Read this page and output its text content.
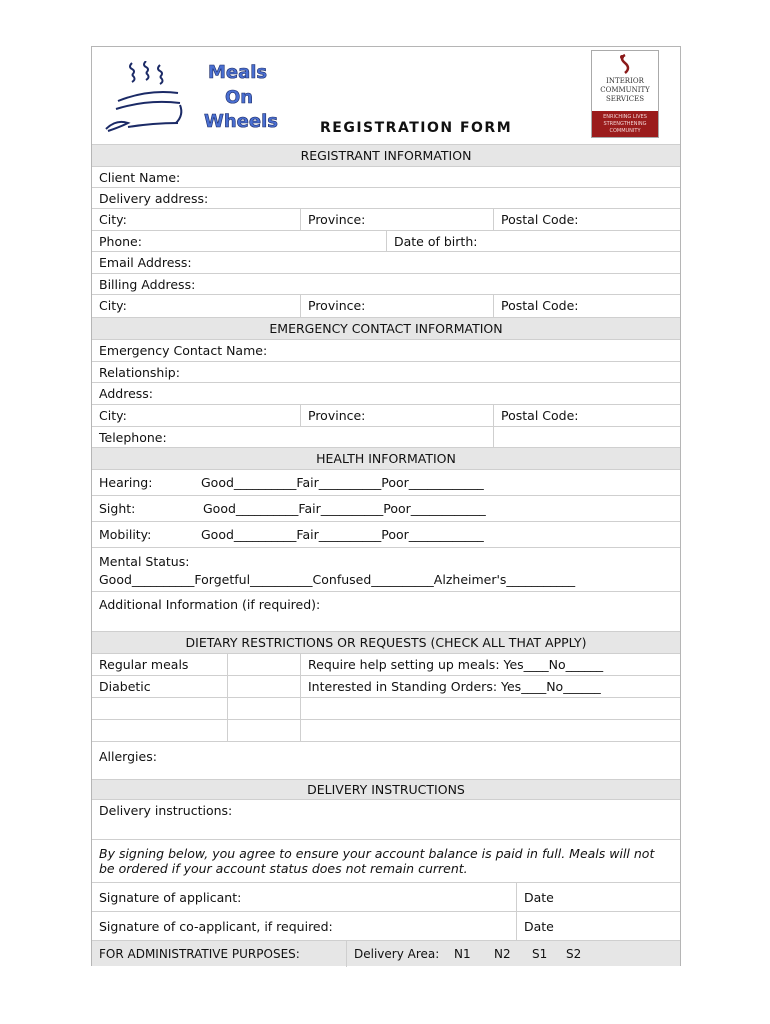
Meals
On
Wheels
INTERIOR
COMMUNITY
SERVICES
ENRICHING LIVES
STRENGTHENING
COMMUNITY
REGISTRATION FORM
REGISTRANT INFORMATION
Client Name:
Delivery address:
City:	Province:	Postal Code:
Phone:	Date of birth:
Email Address:
Billing Address:
City:	Province:	Postal Code:
EMERGENCY CONTACT INFORMATION
Emergency Contact Name:
Relationship:
Address:
City:	Province:	Postal Code:
Telephone:
HEALTH INFORMATION
Hearing:	Good__________Fair__________Poor____________
Sight:	Good__________Fair__________Poor____________
Mobility:	Good__________Fair__________Poor____________
Mental Status:
Good__________Forgetful__________Confused__________Alzheimer's___________
Additional Information (if required):
DIETARY RESTRICTIONS OR REQUESTS (CHECK ALL THAT APPLY)
Regular meals	Require help setting up meals: Yes____No______
Diabetic	Interested in Standing Orders: Yes____No______
Allergies:
DELIVERY INSTRUCTIONS
Delivery instructions:
By signing below, you agree to ensure your account balance is paid in full. Meals will not be ordered if your account status does not remain current.
Signature of applicant:	Date
Signature of co-applicant, if required:	Date
FOR ADMINISTRATIVE PURPOSES:	Delivery Area: N1 N2 S1 S2
